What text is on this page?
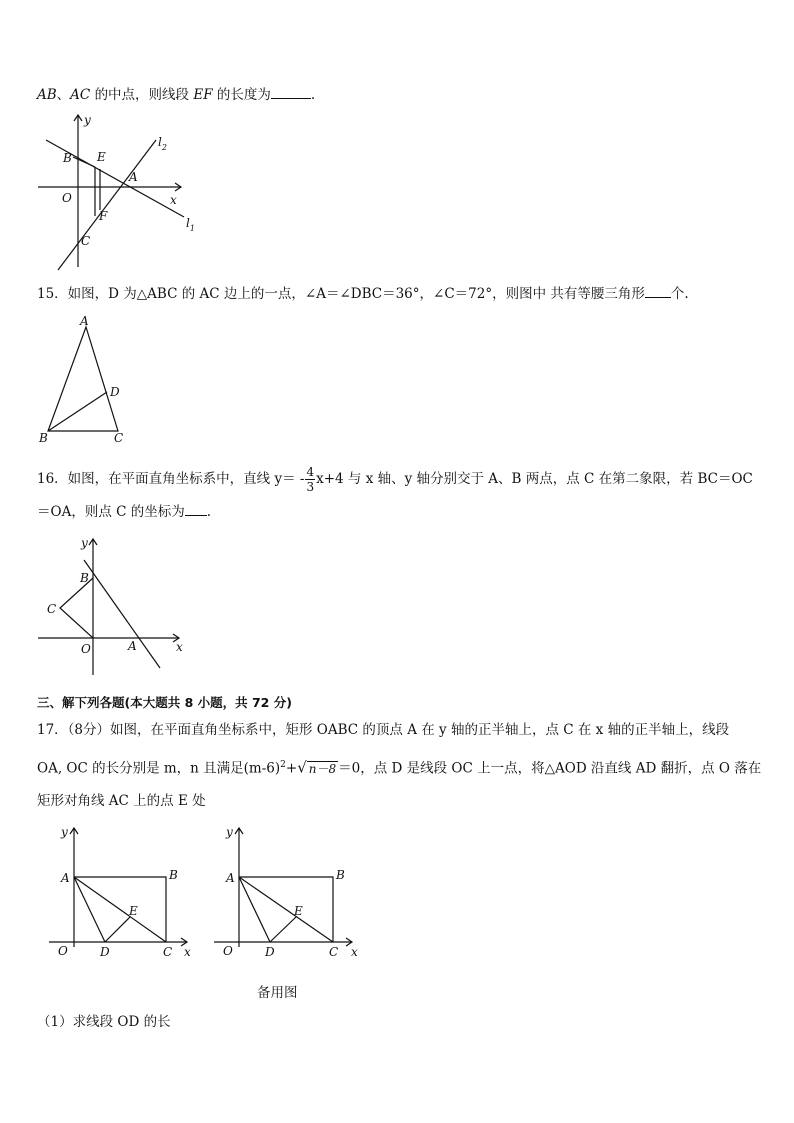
AB、AC 的中点，则线段 EF 的长度为	.
y
x
O
B E
A
F
C
$l_1$
$l_2$
15．如图，D 为△ABC 的 AC 边上的一点，∠A＝∠DBC＝36°，∠C＝72°，则图中 共有等腰三角形 个.
A
B	C
D
16．如图，在平面直角坐标系中，直线 $y= - \frac{4}{3} x+4$ 与 x 轴、y 轴分别交于 A、B 两点，点 C 在第二象限，若 BC＝OC
＝OA，则点 C 的坐标为 .
y
x
O	A
B
C
三、解下列各题(本大题共 8 小题，共 72 分)
17．（8分）如图，在平面直角坐标系中，矩形 OABC 的顶点 A 在 y 轴的正半轴上，点 C 在 x 轴的正半轴上，线段
OA, OC 的长分别是 m，n 且满足$(m-6)^2+√$ n－8 ＝0，点 D 是线段 OC 上一点，将△AOD 沿直线 AD 翻折，点 O 落在
矩形对角线 AC 上的点 E 处
y
x
O
A	B
C
D
E
y
x
O
A	B
C
D
E
备用图
（1）求线段 OD 的长
